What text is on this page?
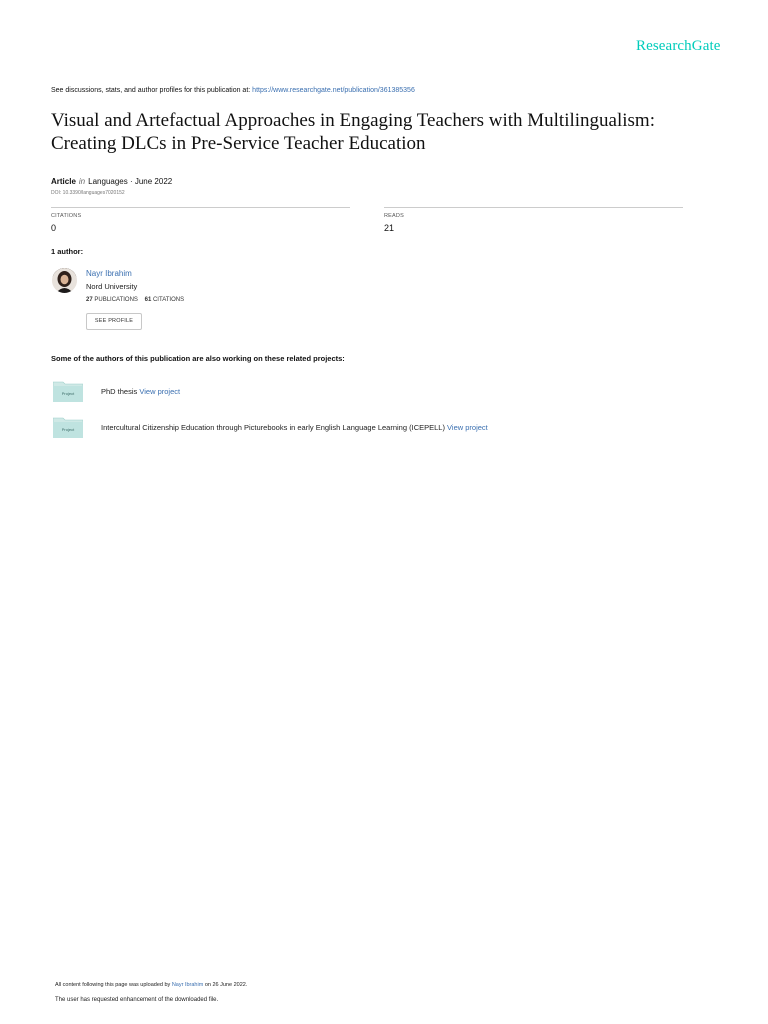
ResearchGate
See discussions, stats, and author profiles for this publication at: https://www.researchgate.net/publication/361385356
Visual and Artefactual Approaches in Engaging Teachers with Multilingualism: Creating DLCs in Pre-Service Teacher Education
Article in Languages · June 2022
DOI: 10.3390/languages7020152
CITATIONS
0
READS
21
1 author:
Nayr Ibrahim
Nord University
27 PUBLICATIONS 61 CITATIONS
SEE PROFILE
Some of the authors of this publication are also working on these related projects:
Project	PhD thesis View project
Project	Intercultural Citizenship Education through Picturebooks in early English Language Learning (ICEPELL) View project
All content following this page was uploaded by Nayr Ibrahim on 26 June 2022.
The user has requested enhancement of the downloaded file.
